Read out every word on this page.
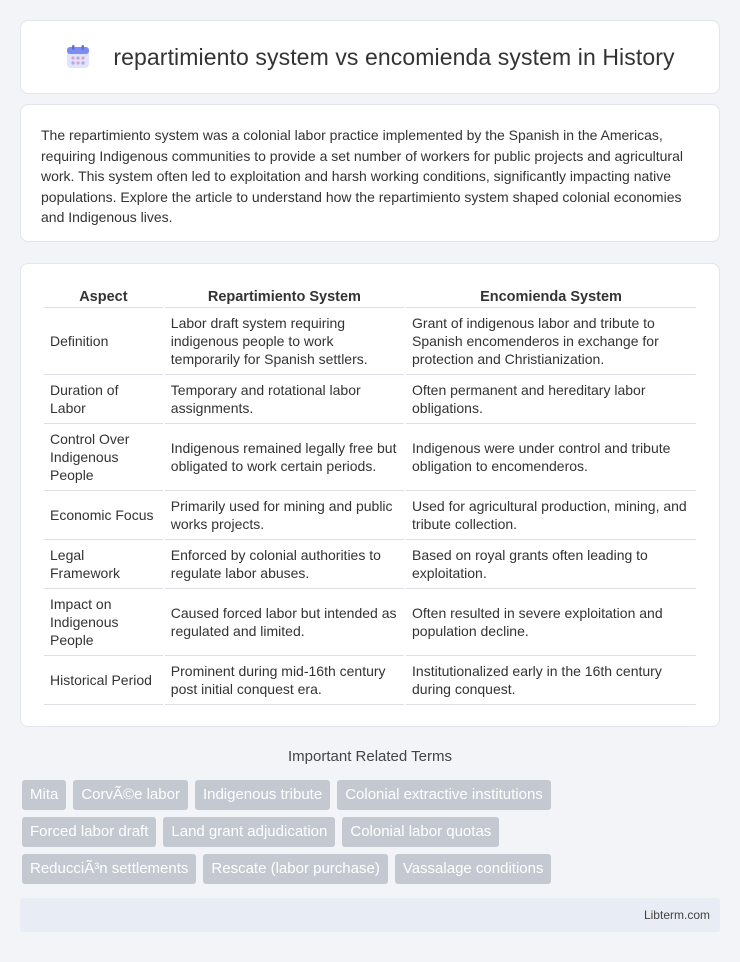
repartimiento system vs encomienda system in History

The repartimiento system was a colonial labor practice implemented by the Spanish in the Americas, requiring Indigenous communities to provide a set number of workers for public projects and agricultural work. This system often led to exploitation and harsh working conditions, significantly impacting native populations. Explore the article to understand how the repartimiento system shaped colonial economies and Indigenous lives.

Aspect	Repartimiento System	Encomienda System
Definition	Labor draft system requiring indigenous people to work temporarily for Spanish settlers.	Grant of indigenous labor and tribute to Spanish encomenderos in exchange for protection and Christianization.
Duration of Labor	Temporary and rotational labor assignments.	Often permanent and hereditary labor obligations.
Control Over Indigenous People	Indigenous remained legally free but obligated to work certain periods.	Indigenous were under control and tribute obligation to encomenderos.
Economic Focus	Primarily used for mining and public works projects.	Used for agricultural production, mining, and tribute collection.
Legal Framework	Enforced by colonial authorities to regulate labor abuses.	Based on royal grants often leading to exploitation.
Impact on Indigenous People	Caused forced labor but intended as regulated and limited.	Often resulted in severe exploitation and population decline.
Historical Period	Prominent during mid-16th century post initial conquest era.	Institutionalized early in the 16th century during conquest.
Important Related Terms
Mita	CorvÃ©e labor	Indigenous tribute	Colonial extractive institutions
Forced labor draft	Land grant adjudication	Colonial labor quotas
ReducciÃ³n settlements	Rescate (labor purchase)	Vassalage conditions
Libterm.com
